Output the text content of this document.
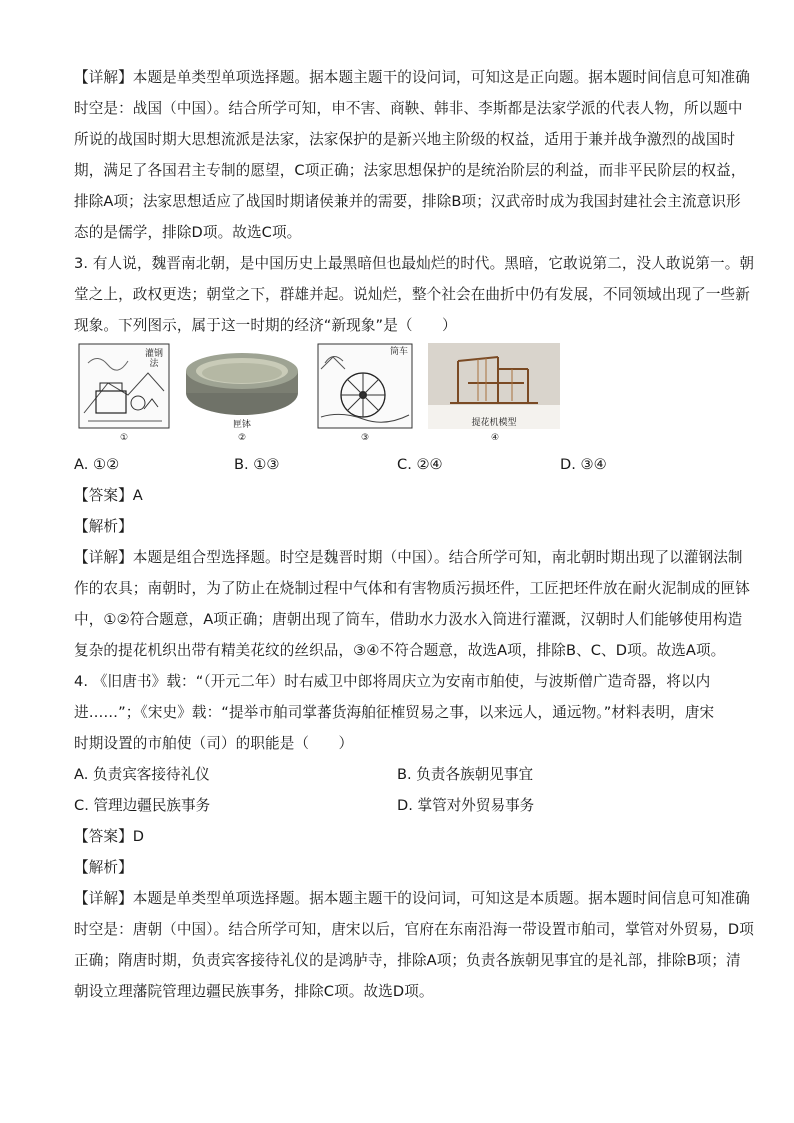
【详解】本题是单类型单项选择题。据本题主题干的设问词，可知这是正向题。据本题时间信息可知准确
时空是：战国（中国）。结合所学可知，申不害、商鞅、韩非、李斯都是法家学派的代表人物，所以题中
所说的战国时期大思想流派是法家，法家保护的是新兴地主阶级的权益，适用于兼并战争激烈的战国时
期，满足了各国君主专制的愿望，C项正确；法家思想保护的是统治阶层的利益，而非平民阶层的权益，
排除A项；法家思想适应了战国时期诸侯兼并的需要，排除B项；汉武帝时成为我国封建社会主流意识形
态的是儒学，排除D项。故选C项。
3. 有人说，魏晋南北朝，是中国历史上最黑暗但也最灿烂的时代。黑暗，它敢说第二，没人敢说第一。朝
堂之上，政权更迭；朝堂之下，群雄并起。说灿烂，整个社会在曲折中仍有发展，不同领域出现了一些新
现象。下列图示，属于这一时期的经济“新现象”是（　　）
灌钢法
①
匣钵
②
筒车
③
提花机模型
④
A. ①②	B. ①③	C. ②④	D. ③④
【答案】A
【解析】
【详解】本题是组合型选择题。时空是魏晋时期（中国）。结合所学可知，南北朝时期出现了以灌钢法制
作的农具；南朝时，为了防止在烧制过程中气体和有害物质污损坯件，工匠把坯件放在耐火泥制成的匣钵
中，①②符合题意，A项正确；唐朝出现了筒车，借助水力汲水入筒进行灌溉，汉朝时人们能够使用构造
复杂的提花机织出带有精美花纹的丝织品，③④不符合题意，故选A项，排除B、C、D项。故选A项。
4. 《旧唐书》载：“（开元二年）时右威卫中郎将周庆立为安南市舶使，与波斯僧广造奇器，将以内
进……”；《宋史》载：“提举市舶司掌蕃货海舶征榷贸易之事，以来远人，通远物。”材料表明，唐宋
时期设置的市舶使（司）的职能是（　　）
A. 负责宾客接待礼仪	B. 负责各族朝见事宜
C. 管理边疆民族事务	D. 掌管对外贸易事务
【答案】D
【解析】
【详解】本题是单类型单项选择题。据本题主题干的设问词，可知这是本质题。据本题时间信息可知准确
时空是：唐朝（中国）。结合所学可知，唐宋以后，官府在东南沿海一带设置市舶司，掌管对外贸易，D项
正确；隋唐时期，负责宾客接待礼仪的是鸿胪寺，排除A项；负责各族朝见事宜的是礼部，排除B项；清
朝设立理藩院管理边疆民族事务，排除C项。故选D项。
